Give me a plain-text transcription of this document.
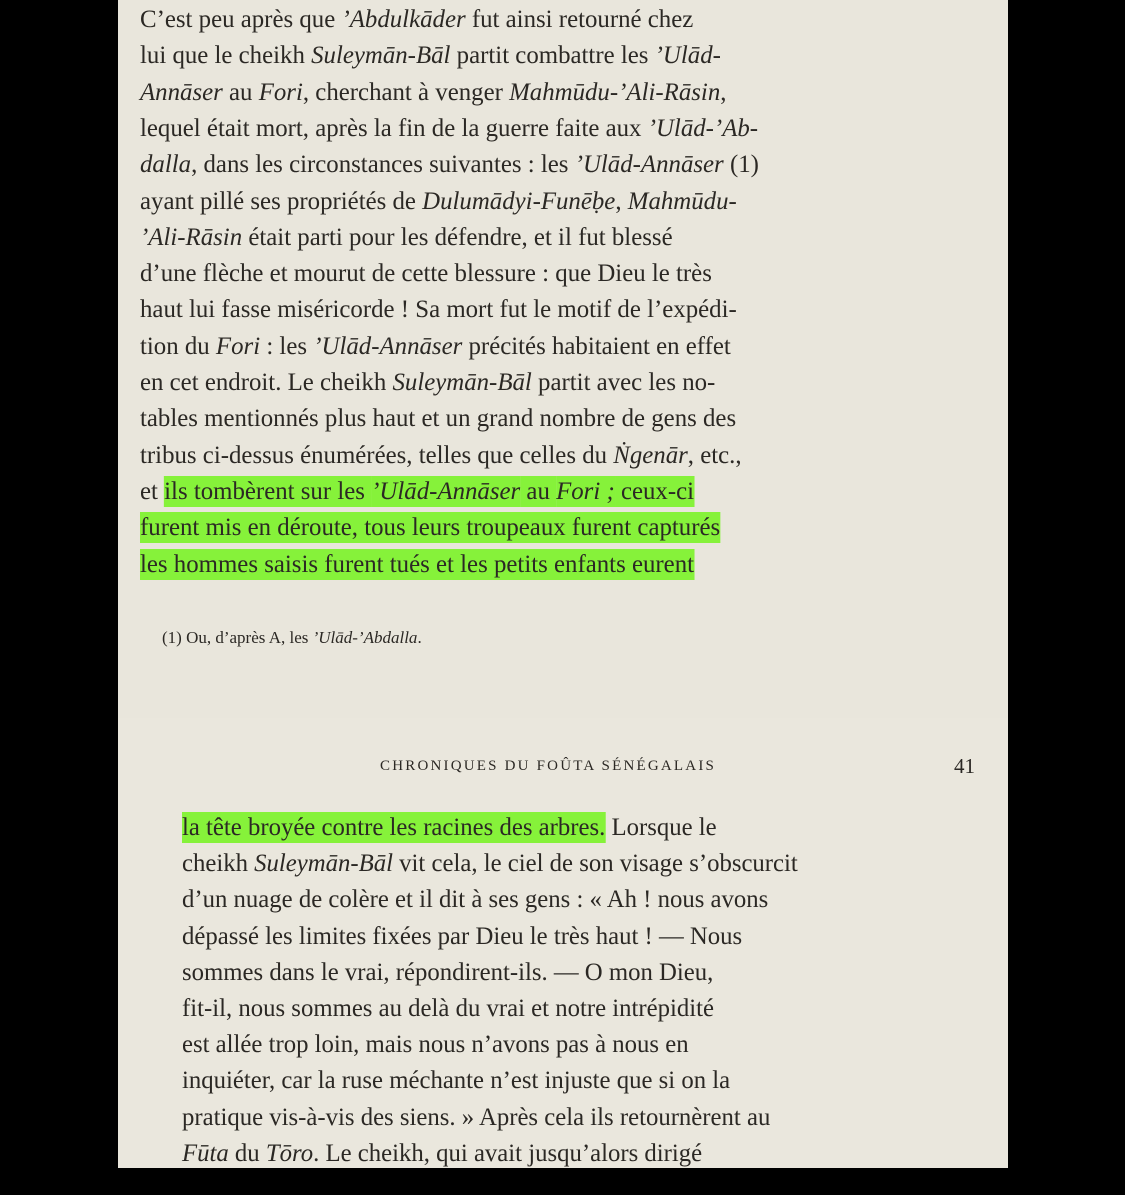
C’est peu après que ’Abdulkāder fut ainsi retourné chez
lui que le cheikh Suleymān-Bāl partit combattre les ’Ulād-
Annāser au Fori, cherchant à venger Mahmūdu-’Ali-Rāsin,
lequel était mort, après la fin de la guerre faite aux ’Ulād-’Ab-
dalla, dans les circonstances suivantes : les ’Ulād-Annāser (1)
ayant pillé ses propriétés de Dulumādyi-Funēḅe, Mahmūdu-
’Ali-Rāsin était parti pour les défendre, et il fut blessé
d’une flèche et mourut de cette blessure : que Dieu le très
haut lui fasse miséricorde ! Sa mort fut le motif de l’expédi-
tion du Fori : les ’Ulād-Annāser précités habitaient en effet
en cet endroit. Le cheikh Suleymān-Bāl partit avec les no-
tables mentionnés plus haut et un grand nombre de gens des
tribus ci-dessus énumérées, telles que celles du Ṅgenār, etc.,
et ils tombèrent sur les ’Ulād-Annāser au Fori ; ceux-ci
furent mis en déroute, tous leurs troupeaux furent capturés
les hommes saisis furent tués et les petits enfants eurent
(1) Ou, d’après A, les ’Ulād-’Abdalla.
CHRONIQUES DU FOÛTA SÉNÉGALAIS	41
la tête broyée contre les racines des arbres. Lorsque le
cheikh Suleymān-Bāl vit cela, le ciel de son visage s’obscurcit
d’un nuage de colère et il dit à ses gens : « Ah ! nous avons
dépassé les limites fixées par Dieu le très haut ! — Nous
sommes dans le vrai, répondirent-ils. — O mon Dieu,
fit-il, nous sommes au delà du vrai et notre intrépidité
est allée trop loin, mais nous n’avons pas à nous en
inquiéter, car la ruse méchante n’est injuste que si on la
pratique vis-à-vis des siens. » Après cela ils retournèrent au
Fūta du Tōro. Le cheikh, qui avait jusqu’alors dirigé
